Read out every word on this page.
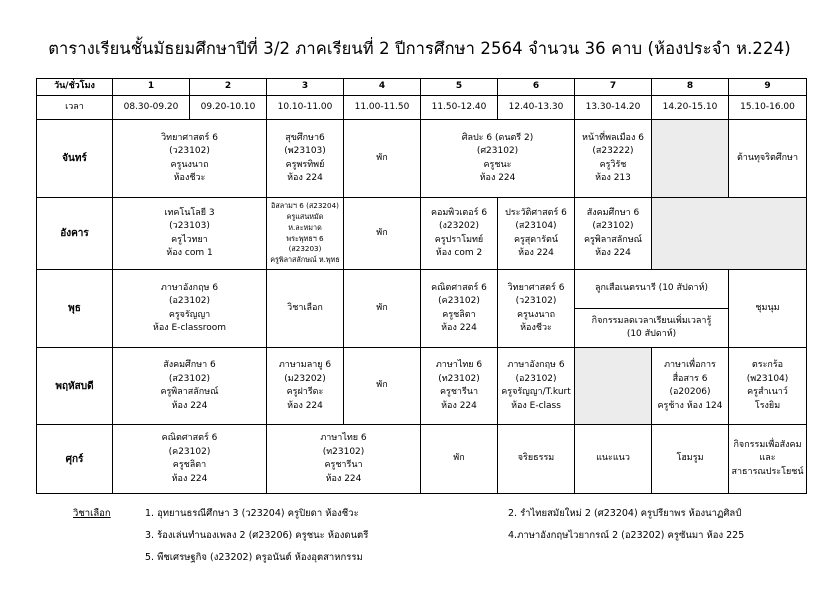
ตารางเรียนชั้นมัธยมศึกษาปีที่ 3/2 ภาคเรียนที่ 2 ปีการศึกษา 2564 จำนวน 36 คาบ (ห้องประจำ ห.224)
วัน/ชั่วโมง	1	2	3	4	5	6	7	8	9
เวลา	08.30-09.20	09.20-10.10	10.10-11.00	11.00-11.50	11.50-12.40	12.40-13.30	13.30-14.20	14.20-15.10	15.10-16.00
จันทร์	วิทยาศาสตร์ 6
(ว23102)
ครูนงนาถ
ห้องชีวะ		สุขศึกษา6
(พ23103)
ครูพรทิพย์
ห้อง 224	พัก	ศิลปะ 6 (ดนตรี 2)
(ศ23102)
ครูชนะ
ห้อง 224		หน้าที่พลเมือง 6
(ส23222)
ครูวิรัช
ห้อง 213		ต้านทุจริตศึกษา

อังคาร	เทคโนโลยี 3
(ว23103)
ครูไวทยา
ห้อง com 1		อิสลามฯ 6 (ส23204)
ครูแสนหมัด ห.ละหมาด
พระพุทธฯ 6 (ส23203)
ครูพิลาสลักษณ์ ห.พุทธ	พัก	คอมพิวเตอร์ 6
(ง23202)
ครูปราโมทย์
ห้อง com 2	ประวัติศาสตร์ 6
(ส23104)
ครูสุดารัตน์
ห้อง 224	สังคมศึกษา 6
(ส23102)
ครูพิลาสลักษณ์
ห้อง 224		

พุธ	ภาษาอังกฤษ 6
(อ23102)
ครูจรัญญา
ห้อง E-classroom		วิชาเลือก	พัก	คณิตศาสตร์ 6
(ค23102)
ครูชลิตา
ห้อง 224	วิทยาศาสตร์ 6
(ว23102)
ครูนงนาถ
ห้องชีวะ	ลูกเสือเนตรนารี (10 สัปดาห์)		ชุมนุม

							กิจกรรมลดเวลาเรียนเพิ่มเวลารู้
(10 สัปดาห์)		

พฤหัสบดี	สังคมศึกษา 6
(ส23102)
ครูพิลาสลักษณ์
ห้อง 224		ภาษามลายู 6
(ม23202)
ครูฝารีดะ
ห้อง 224	พัก	ภาษาไทย 6
(ท23102)
ครูชารีนา
ห้อง 224	ภาษาอังกฤษ 6
(อ23102)
ครูจรัญญา/T.kurt
ห้อง E-class		ภาษาเพื่อการ
สื่อสาร 6
(อ20206)
ครูช้าง ห้อง 124	ตระกร้อ
(พ23104)
ครูสำเนาว์
โรงยิม

ศุกร์	คณิตศาสตร์ 6
(ค23102)
ครูชลิตา
ห้อง 224		ภาษาไทย 6
(ท23102)
ครูชารีนา
ห้อง 224		พัก	จริยธรรม	แนะแนว	โฮมรูม	กิจกรรมเพื่อสังคม
และ
สาธารณประโยชน์
วิชาเลือก	1. อุทยานธรณีศึกษา 3 (ว23204) ครูปิยดา ห้องชีวะ	2. รำไทยสมัยใหม่ 2 (ศ23204) ครูปรียาพร ห้องนาฏศิลป์
3. ร้องเล่นทำนองเพลง 2 (ศ23206) ครูชนะ ห้องดนตรี	4.ภาษาอังกฤษไวยากรณ์ 2 (อ23202) ครูซันมา ห้อง 225
5. พืชเศรษฐกิจ (ง23202) ครูอนันต์ ห้องอุตสาหกรรม
